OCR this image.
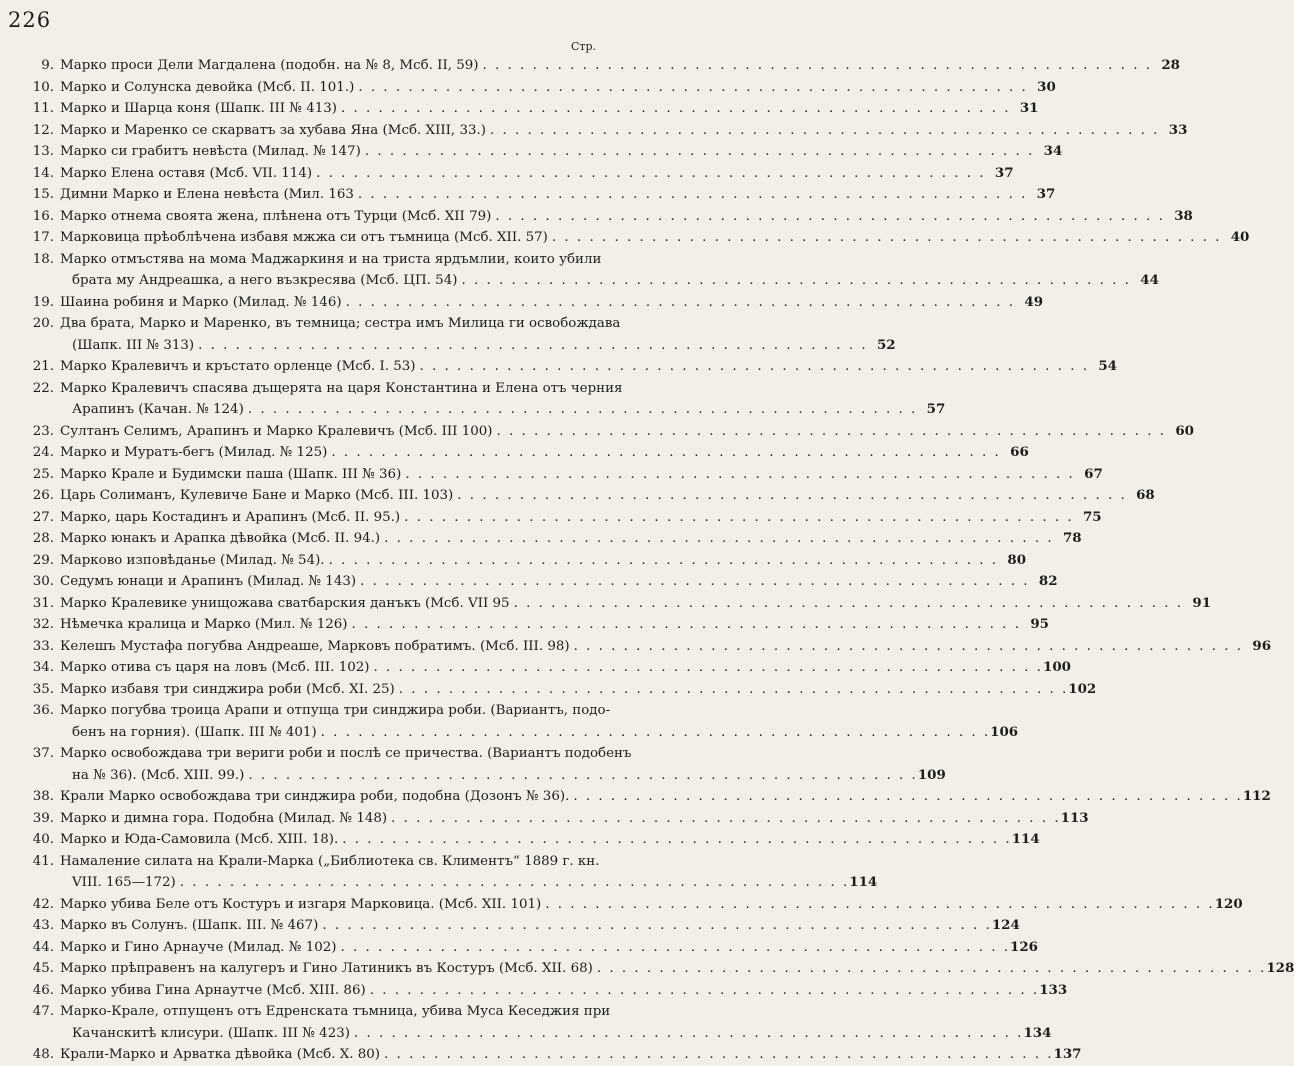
226
Стр.
9. Марко проси Дели Магдалена (подобн. на № 8, Мсб. II, 59) . . . . . . . . . . . . . . . . . . . . . . . . . . . . . . . . . . . . . . . . . . . . . . . . . . . . . . 28
10. Марко и Солунска девойка (Мсб. II. 101.) . . . . . . . . . . . . . . . . . . . . . . . . . . . . . . . . . . . . . . . . . . . . . . . . . . . . . . 30
11. Марко и Шарца коня (Шапк. III № 413) . . . . . . . . . . . . . . . . . . . . . . . . . . . . . . . . . . . . . . . . . . . . . . . . . . . . . . 31
12. Марко и Маренко се скарватъ за хубава Яна (Мсб. XIII, 33.) . . . . . . . . . . . . . . . . . . . . . . . . . . . . . . . . . . . . . . . . . . . . . . . . . . . . . . 33
13. Марко си грабитъ невѣста (Милад. № 147) . . . . . . . . . . . . . . . . . . . . . . . . . . . . . . . . . . . . . . . . . . . . . . . . . . . . . . 34
14. Марко Елена оставя (Мсб. VII. 114) . . . . . . . . . . . . . . . . . . . . . . . . . . . . . . . . . . . . . . . . . . . . . . . . . . . . . . 37
15. Димни Марко и Елена невѣста (Мил. 163 . . . . . . . . . . . . . . . . . . . . . . . . . . . . . . . . . . . . . . . . . . . . . . . . . . . . . . 37
16. Марко отнема своята жена, плѣнена отъ Турци (Мсб. XII 79) . . . . . . . . . . . . . . . . . . . . . . . . . . . . . . . . . . . . . . . . . . . . . . . . . . . . . . 38
17. Марковица прѣоблѣчена избавя мжжа си отъ тъмница (Мсб. XII. 57) . . . . . . . . . . . . . . . . . . . . . . . . . . . . . . . . . . . . . . . . . . . . . . . . . . . . . . 40
18. Марко отмъстява на мома Маджаркиня и на триста ярдъмлии, които убили
брата му Андреашка, а него възкресява (Мсб. ЦП. 54) . . . . . . . . . . . . . . . . . . . . . . . . . . . . . . . . . . . . . . . . . . . . . . . . . . . . . . 44
19. Шаина робиня и Марко (Милад. № 146) . . . . . . . . . . . . . . . . . . . . . . . . . . . . . . . . . . . . . . . . . . . . . . . . . . . . . . 49
20. Два брата, Марко и Маренко, въ темница; сестра имъ Милица ги освобождава
(Шапк. III № 313) . . . . . . . . . . . . . . . . . . . . . . . . . . . . . . . . . . . . . . . . . . . . . . . . . . . . . . 52
21. Марко Кралевичъ и кръстато орленце (Мсб. I. 53) . . . . . . . . . . . . . . . . . . . . . . . . . . . . . . . . . . . . . . . . . . . . . . . . . . . . . . 54
22. Марко Кралевичъ спасява дъщерята на царя Константина и Елена отъ черния
Арапинъ (Качан. № 124) . . . . . . . . . . . . . . . . . . . . . . . . . . . . . . . . . . . . . . . . . . . . . . . . . . . . . . 57
23. Султанъ Селимъ, Арапинъ и Марко Кралевичъ (Мсб. III 100) . . . . . . . . . . . . . . . . . . . . . . . . . . . . . . . . . . . . . . . . . . . . . . . . . . . . . . 60
24. Марко и Муратъ-бегъ (Милад. № 125) . . . . . . . . . . . . . . . . . . . . . . . . . . . . . . . . . . . . . . . . . . . . . . . . . . . . . . 66
25. Марко Крале и Будимски паша (Шапк. III № 36) . . . . . . . . . . . . . . . . . . . . . . . . . . . . . . . . . . . . . . . . . . . . . . . . . . . . . . 67
26. Царь Солиманъ, Кулевиче Бане и Марко (Мсб. III. 103) . . . . . . . . . . . . . . . . . . . . . . . . . . . . . . . . . . . . . . . . . . . . . . . . . . . . . . 68
27. Марко, царь Костадинъ и Арапинъ (Мсб. II. 95.) . . . . . . . . . . . . . . . . . . . . . . . . . . . . . . . . . . . . . . . . . . . . . . . . . . . . . . 75
28. Марко юнакъ и Арапка дѣвойка (Мсб. II. 94.) . . . . . . . . . . . . . . . . . . . . . . . . . . . . . . . . . . . . . . . . . . . . . . . . . . . . . . 78
29. Марково изповѣданье (Милад. № 54). . . . . . . . . . . . . . . . . . . . . . . . . . . . . . . . . . . . . . . . . . . . . . . . . . . . . . . 80
30. Седумъ юнаци и Арапинъ (Милад. № 143) . . . . . . . . . . . . . . . . . . . . . . . . . . . . . . . . . . . . . . . . . . . . . . . . . . . . . . 82
31. Марко Кралевике унищожава сватбарския данъкъ (Мсб. VII 95 . . . . . . . . . . . . . . . . . . . . . . . . . . . . . . . . . . . . . . . . . . . . . . . . . . . . . . 91
32. Нѣмечка кралица и Марко (Мил. № 126) . . . . . . . . . . . . . . . . . . . . . . . . . . . . . . . . . . . . . . . . . . . . . . . . . . . . . . 95
33. Келешъ Мустафа погубва Андреаше, Марковъ побратимъ. (Мсб. III. 98) . . . . . . . . . . . . . . . . . . . . . . . . . . . . . . . . . . . . . . . . . . . . . . . . . . . . . . 96
34. Марко отива съ царя на ловъ (Мсб. III. 102) . . . . . . . . . . . . . . . . . . . . . . . . . . . . . . . . . . . . . . . . . . . . . . . . . . . . . . 100
35. Марко избавя три синджира роби (Мсб. XI. 25) . . . . . . . . . . . . . . . . . . . . . . . . . . . . . . . . . . . . . . . . . . . . . . . . . . . . . . 102
36. Марко погубва троица Арапи и отпуща три синджира роби. (Вариантъ, подо-
бенъ на горния). (Шапк. III № 401) . . . . . . . . . . . . . . . . . . . . . . . . . . . . . . . . . . . . . . . . . . . . . . . . . . . . . . 106
37. Марко освобождава три вериги роби и послѣ се причества. (Вариантъ подобенъ
на № 36). (Мсб. XIII. 99.) . . . . . . . . . . . . . . . . . . . . . . . . . . . . . . . . . . . . . . . . . . . . . . . . . . . . . . 109
38. Крали Марко освобождава три синджира роби, подобна (Дозонъ № 36). . . . . . . . . . . . . . . . . . . . . . . . . . . . . . . . . . . . . . . . . . . . . . . . . . . . . . . 112
39. Марко и димна гора. Подобна (Милад. № 148) . . . . . . . . . . . . . . . . . . . . . . . . . . . . . . . . . . . . . . . . . . . . . . . . . . . . . . 113
40. Марко и Юда-Самовила (Мсб. XIII. 18). . . . . . . . . . . . . . . . . . . . . . . . . . . . . . . . . . . . . . . . . . . . . . . . . . . . . . . 114
41. Намаление силата на Крали-Марка („Библиотека св. Климентъ“ 1889 г. кн.
VIII. 165—172) . . . . . . . . . . . . . . . . . . . . . . . . . . . . . . . . . . . . . . . . . . . . . . . . . . . . . . 114
42. Марко убива Беле отъ Костуръ и изгаря Марковица. (Мсб. XII. 101) . . . . . . . . . . . . . . . . . . . . . . . . . . . . . . . . . . . . . . . . . . . . . . . . . . . . . . 120
43. Марко въ Солунъ. (Шапк. III. № 467) . . . . . . . . . . . . . . . . . . . . . . . . . . . . . . . . . . . . . . . . . . . . . . . . . . . . . . 124
44. Марко и Гино Арнауче (Милад. № 102) . . . . . . . . . . . . . . . . . . . . . . . . . . . . . . . . . . . . . . . . . . . . . . . . . . . . . . 126
45. Марко прѣправенъ на калугеръ и Гино Латиникъ въ Костуръ (Мсб. XII. 68) . . . . . . . . . . . . . . . . . . . . . . . . . . . . . . . . . . . . . . . . . . . . . . . . . . . . . . 128
46. Марко убива Гина Арнаутче (Мсб. XIII. 86) . . . . . . . . . . . . . . . . . . . . . . . . . . . . . . . . . . . . . . . . . . . . . . . . . . . . . . 133
47. Марко-Крале, отпущенъ отъ Едренската тъмница, убива Муса Кеседжия при
Качанскитѣ клисури. (Шапк. III № 423) . . . . . . . . . . . . . . . . . . . . . . . . . . . . . . . . . . . . . . . . . . . . . . . . . . . . . . 134
48. Крали-Марко и Арватка дѣвойка (Мсб. X. 80) . . . . . . . . . . . . . . . . . . . . . . . . . . . . . . . . . . . . . . . . . . . . . . . . . . . . . . 137
